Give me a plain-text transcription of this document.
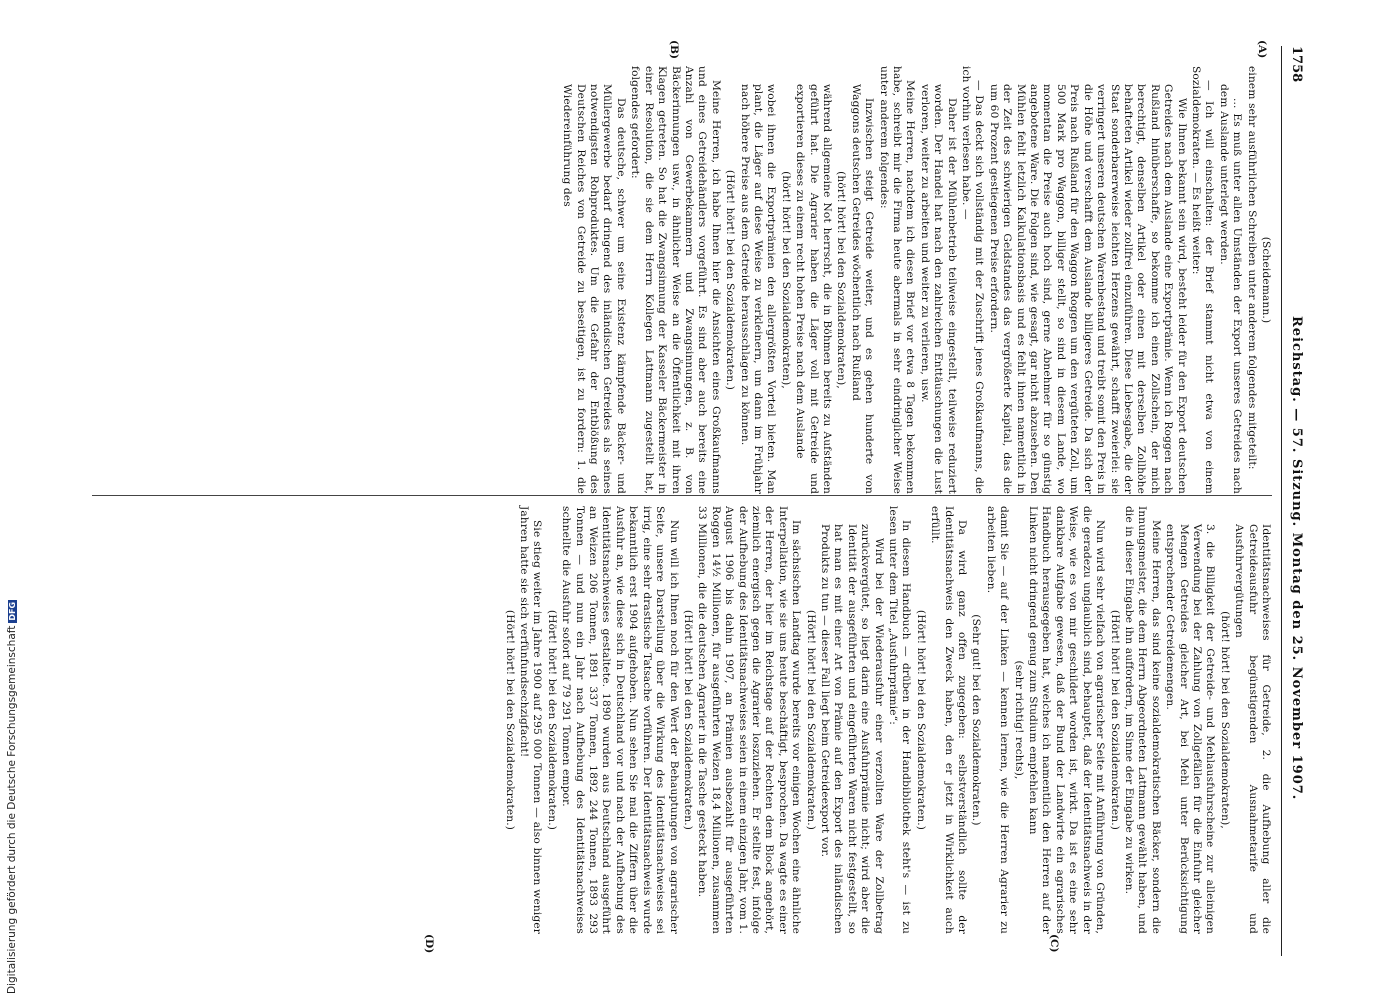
1758
Reichstag. — 57. Sitzung. Montag den 25. November 1907.
(A)
(B)
(C)
(D)

(Scheidemann.)

einem sehr ausführlichen Schreiben unter anderem folgendes mitgeteilt:

... Es muß unter allen Umständen der Export unseres Getreides nach dem Auslande unterlegt werden.

— Ich will einschalten: der Brief stammt nicht etwa von einem Sozialdemokraten. — Es heißt weiter:

Wie Ihnen bekannt sein wird, besteht leider für den Export deutschen Getreides nach dem Auslande eine Exportprämie. Wenn ich Roggen nach Rußland hinüberschaffe, so bekomme ich einen Zollschein, der mich berechtigt, denselben Artikel oder einen mit derselben Zollhöhe behafteten Artikel wieder zollfrei einzuführen. Diese Liebesgabe, die der Staat sonderbarerweise leichten Herzens gewährt, schafft zweierlei: sie verringert unseren deutschen Warenbestand und treibt somit den Preis in die Höhe und verschafft dem Auslande billigeres Getreide. Da sich der Preis nach Rußland für den Waggon Roggen um den vergüteten Zoll, um 500 Mark pro Waggon, billiger stellt, so sind in diesem Lande, wo momentan die Preise auch hoch sind, gerne Abnehmer für so günstig angebotene Ware. Die Folgen sind, wie gesagt, gar nicht abzusehen. Den Mühlen fehlt letzlich Kalkulationsbasis und es fehlt ihnen namentlich in der Zeit des schwierigen Geldstandes das vergrößerte Kapital, das die um 60 Prozent gestiegenen Preise erfordern.

— Das deckt sich vollständig mit der Zuschrift jenes Großkaufmanns, die ich vorhin verlesen habe. —

Daher ist der Mühlenbetrieb teilweise eingestellt, teilweise reduziert worden. Der Handel hat nach den zahlreichen Enttäuschungen die Lust verloren, weiter zu arbeiten und weiter zu verlieren, usw.

Meine Herren, nachdem ich diesen Brief vor etwa 8 Tagen bekommen habe, schreibt mir die Firma heute abermals in sehr eindringlicher Weise unter anderem folgendes:

Inzwischen steigt Getreide weiter, und es gehen hunderte von Waggons deutschen Getreides wöchentlich nach Rußland

(hört! hört! bei den Sozialdemokraten),

während allgemeine Not herrscht, die in Böhmen bereits zu Aufständen geführt hat. Die Agrarier haben die Läger voll mit Getreide und exportieren dieses zu einem recht hohen Preise nach dem Auslande

(hört! hört! bei den Sozialdemokraten),

wobei ihnen die Exportprämien den allergrößten Vorteil bieten. Man plant, die Läger auf diese Weise zu verkleinern, um dann im Frühjahr nach höhere Preise aus dem Getreide herausschlagen zu können.

(Hört! hört! bei den Sozialdemokraten.)

Meine Herren, ich habe Ihnen hier die Ansichten eines Großkaufmanns und eines Getreidehändlers vorgeführt. Es sind aber auch bereits eine Anzahl von Gewerbekammern und Zwangsinnungen, z. B. von Bäckerinnungen usw., in ähnlicher Weise an die Öffentlichkeit mit ihren Klagen getreten. So hat die Zwangsinnung der Kasseler Bäckermeister in einer Resolution, die sie dem Herrn Kollegen Lattmann zugestellt hat, folgendes gefordert:

Das deutsche, schwer um seine Existenz kämpfende Bäcker- und Müllergewerbe bedarf dringend des inländischen Getreides als seines notwendigsten Rohproduktes. Um die Gefahr der Entblößung des Deutschen Reiches von Getreide zu beseitigen, ist zu fordern: 1. die Wiedereinführung des

Identitätsnachweises für Getreide, 2. die Aufhebung aller die Getreideausfuhr begünstigenden Ausnahmetarife und Ausfuhrvergütungen

(hört! hört! bei den Sozialdemokraten),

3. die Billigkeit der Getreide- und Mehlausfuhrscheine zur alleinigen Verwendung bei der Zahlung von Zollgefällen für die Einfuhr gleicher Mengen Getreides gleicher Art, bei Mehl unter Berücksichtigung entsprechender Getreidemengen.

Meine Herren, das sind keine sozialdemokratischen Bäcker, sondern die Innungsmeister, die dem Herrn Abgeordneten Lattmann gewählt haben, und die in dieser Eingabe ihn auffordern, im Sinne der Eingabe zu wirken.

(Hört! hört! bei den Sozialdemokraten.)

Nun wird sehr vielfach von agrarischer Seite mit Anführung von Gründen, die geradezu unglaublich sind, behauptet, daß der Identitätsnachweis in der Weise, wie es von mir geschildert worden ist, wirkt. Da ist es eine sehr dankbare Aufgabe gewesen, daß der Bund der Landwirte ein agrarisches Handbuch herausgegeben hat, welches ich namentlich den Herren auf der Linken nicht dringend genug zum Studium empfehlen kann

(sehr richtig! rechts),

damit Sie — auf der Linken — kennen lernen, wie die Herren Agrarier zu arbeiten lieben.

(Sehr gut! bei den Sozialdemokraten.)

Da wird ganz offen zugegeben: selbstverständlich sollte der Identitätsnachweis den Zweck haben, den er jetzt in Wirklichkeit auch erfüllt.

(Hört! hört! bei den Sozialdemokraten.)

In diesem Handbuch — drüben in der Handbibliothek steht's — ist zu lesen unter dem Titel „Ausfuhrprämie“:

Wird bei der Wiederausfuhr einer verzollten Ware der Zollbetrag zurückvergütet, so liegt darin eine Ausfuhrprämie nicht; wird aber die Identität der ausgeführten und eingeführten Waren nicht festgestellt, so hat man es mit einer Art von Prämie auf den Export des inländischen Produkts zu tun — dieser Fall liegt beim Getreideexport vor.

(Hört! hört! bei den Sozialdemokraten.)

Im sächsischen Landtag wurde bereits vor einigen Wochen eine ähnliche Interpellation, wie sie uns heute beschäftigt, besprochen. Da wagte es einer der Herren, der hier im Reichstage auf der Rechten dem Block angehört, ziemlich energisch gegen die Agrarier loszuziehen. Er stellte fest, infolge der Aufhebung des Identitätsnachweises seien in einem einzigen Jahr, vom 1. August 1906 bis dahin 1907, an Prämien ausbezahlt für ausgeführten Roggen 14½ Millionen, für ausgeführten Weizen 18,4 Millionen, zusammen 33 Millionen, die die deutschen Agrarier in die Tasche gesteckt haben.

(Hört! hört! bei den Sozialdemokraten.)

Nun will ich Ihnen noch für den Wert der Behauptungen von agrarischer Seite, unsere Darstellung über die Wirkung des Identitätsnachweises sei irrig, eine sehr drastische Tatsache vorführen. Der Identitätsnachweis wurde bekanntlich erst 1904 aufgehoben. Nun sehen Sie mal die Ziffern über die Ausfuhr an, wie diese sich in Deutschland vor und nach der Aufhebung des Identitätsnachweises gestaltete. 1890 wurden aus Deutschland ausgeführt an Weizen 206 Tonnen, 1891 337 Tonnen, 1892 244 Tonnen, 1893 293 Tonnen — und nun ein Jahr nach Aufhebung des Identitätsnachweises schnellte die Ausfuhr sofort auf 79 291 Tonnen empor.

(Hört! hört! bei den Sozialdemokraten.)

Sie stieg weiter im Jahre 1900 auf 295 000 Tonnen — also binnen weniger Jahren hatte sie sich verfünfundsechzigfacht!

(Hört! hört! bei den Sozialdemokraten.)

Digitalisierung gefördert durch die Deutsche ForschungsgemeinschaftDFG
